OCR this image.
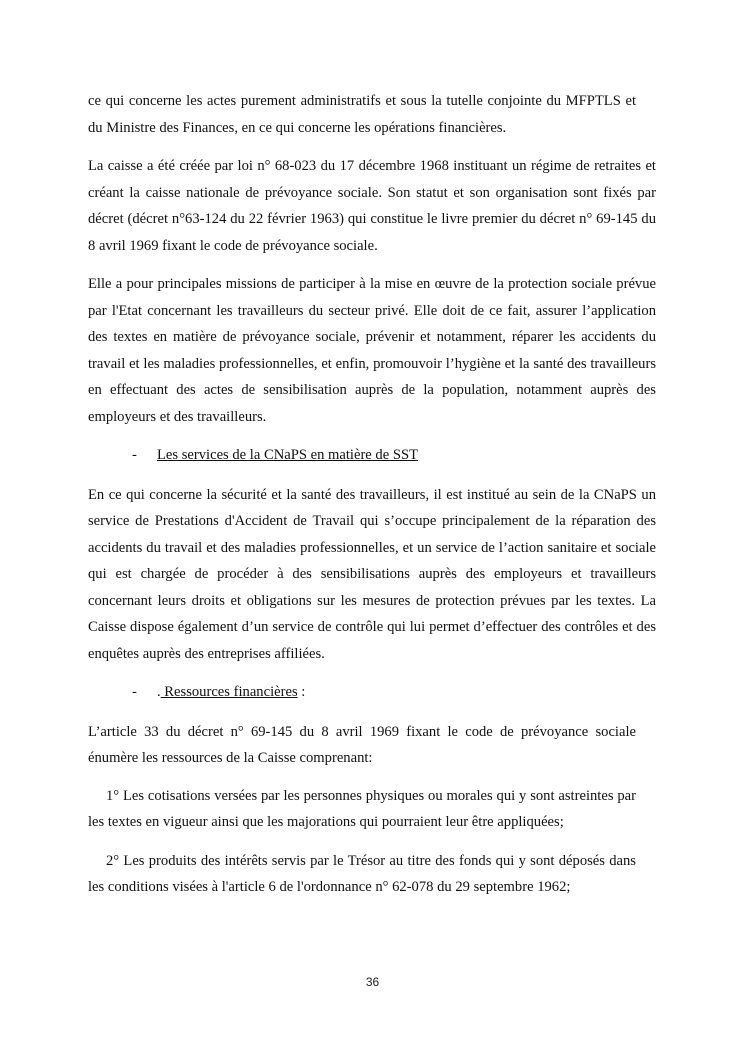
ce qui concerne les actes purement administratifs et sous la tutelle conjointe du MFPTLS et du Ministre des Finances, en ce qui concerne les opérations financières.

La caisse a été créée par loi n° 68-023 du 17 décembre 1968 instituant un régime de retraites et créant la caisse nationale de prévoyance sociale. Son statut et son organisation sont fixés par décret (décret n°63-124 du 22 février 1963) qui constitue le livre premier du décret n° 69-145 du 8 avril 1969 fixant le code de prévoyance sociale.

Elle a pour principales missions de participer à la mise en œuvre de la protection sociale prévue par l'Etat concernant les travailleurs du secteur privé. Elle doit de ce fait, assurer l’application des textes en matière de prévoyance sociale, prévenir et notamment, réparer les accidents du travail et les maladies professionnelles, et enfin, promouvoir l’hygiène et la santé des travailleurs en effectuant des actes de sensibilisation auprès de la population, notamment auprès des employeurs et des travailleurs.

- Les services de la CNaPS en matière de SST

En ce qui concerne la sécurité et la santé des travailleurs, il est institué au sein de la CNaPS un service de Prestations d'Accident de Travail qui s’occupe principalement de la réparation des accidents du travail et des maladies professionnelles, et un service de l’action sanitaire et sociale qui est chargée de procéder à des sensibilisations auprès des employeurs et travailleurs concernant leurs droits et obligations sur les mesures de protection prévues par les textes. La Caisse dispose également d’un service de contrôle qui lui permet d’effectuer des contrôles et des enquêtes auprès des entreprises affiliées.

- . Ressources financières :

L’article 33 du décret n° 69-145 du 8 avril 1969 fixant le code de prévoyance sociale énumère les ressources de la Caisse comprenant:

1° Les cotisations versées par les personnes physiques ou morales qui y sont astreintes par les textes en vigueur ainsi que les majorations qui pourraient leur être appliquées;

2° Les produits des intérêts servis par le Trésor au titre des fonds qui y sont déposés dans les conditions visées à l'article 6 de l'ordonnance n° 62-078 du 29 septembre 1962;

36
